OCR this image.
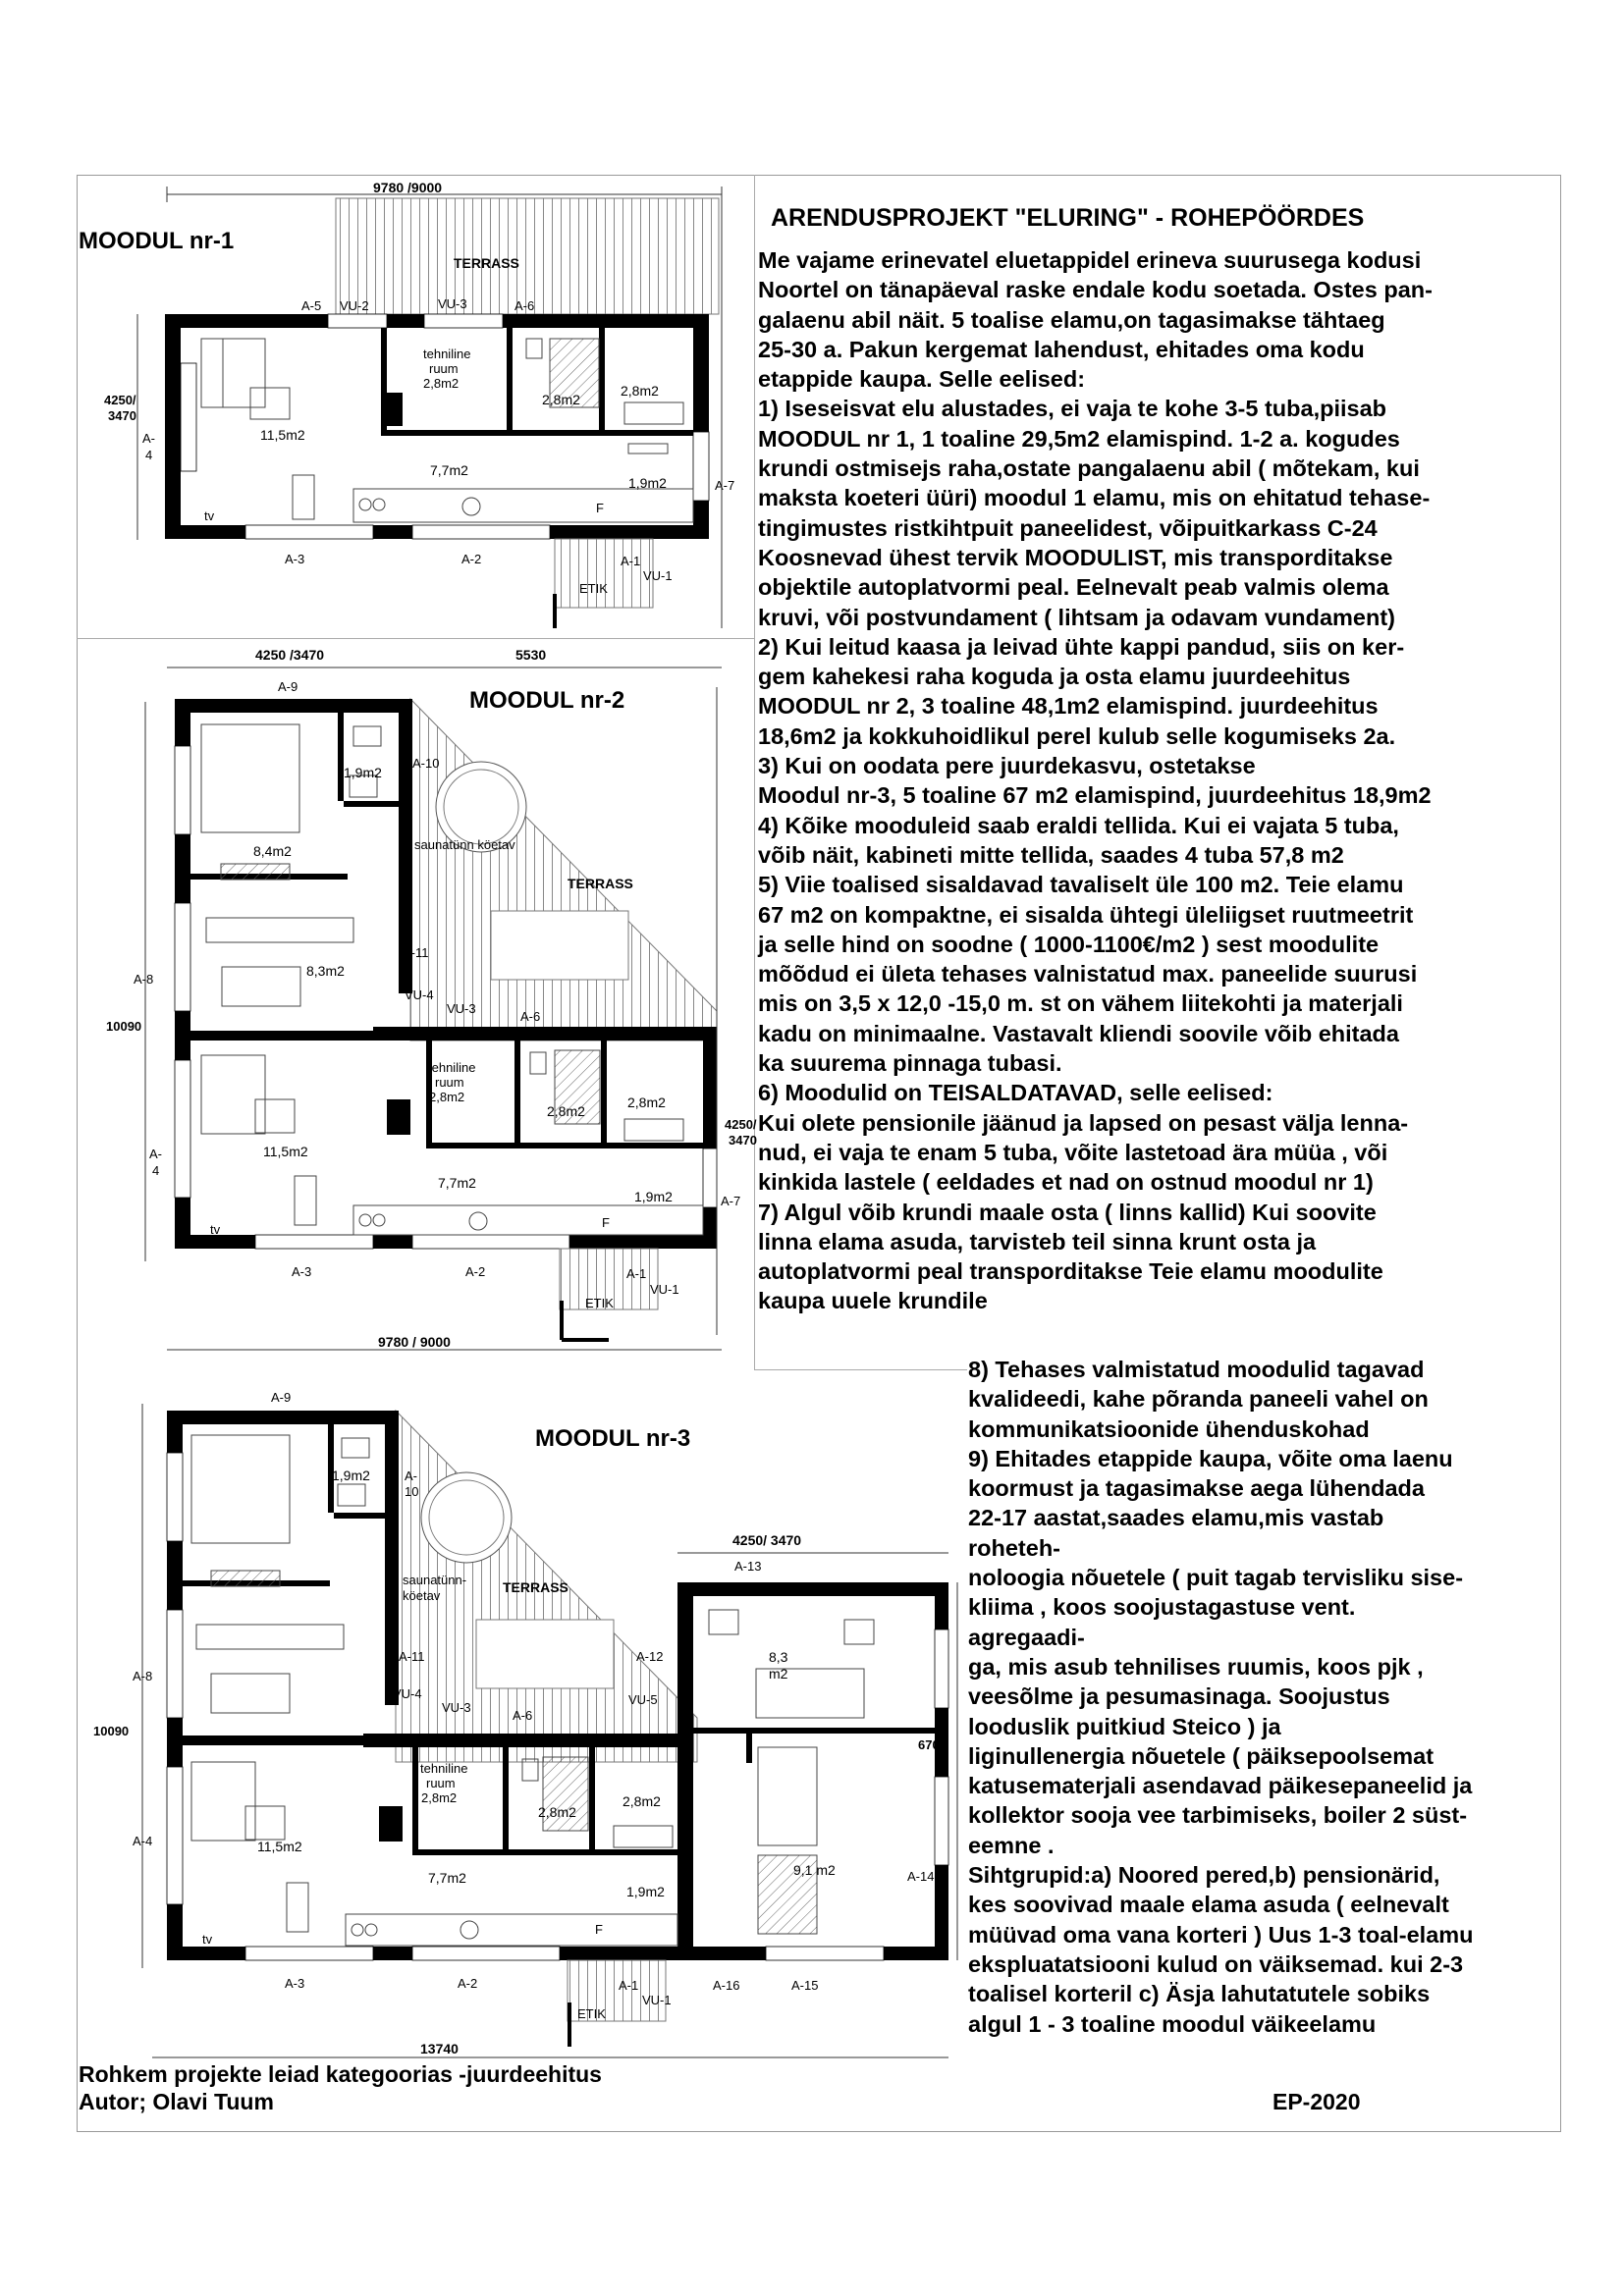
9780 /9000
TERRASS
4250/
3470
11,5m2
7,7m2
tehniline
ruum
2,8m2
2,8m2
2,8m2
1,9m2
tv
F
A-5 VU-2	VU-3	A-6
A-
4
A-7
A-3	A-2	A-1
VU-1
ETIK
4250 /3470	5530
10090
TERRASS
saunatünn köetav
9780 / 9000
4250/
3470
8,4m2
1,9m2
8,3m2
11,5m2
7,7m2
tehniline
ruum
2,8m2
2,8m2
2,8m2
1,9m2
tv	F
A-9
A-10
A-8
A-11
VU-4
VU-3
A-6
A-
4
A-7
A-3	A-2	A-1
VU-1
ETIK
10090
TERRASS
saunatünn-
köetav
4250/ 3470
6700
13740
1,9m2
8,3
m2
9,1 m2
11,5m2
7,7m2
tehniline
ruum
2,8m2
2,8m2
2,8m2
1,9m2
tv
F
A-9
A-
10
A-13
A-8
A-11	A-12
VU-4
VU-3
A-6
VU-5
A-4
A-14
A-3	A-2	A-1
VU-1
A-16	A-15
ETIK
MOODUL nr-1
MOODUL nr-2
MOODUL nr-3
ARENDUSPROJEKT "ELURING" - ROHEPÖÖRDES
Me vajame erinevatel eluetappidel erineva suurusega kodusi
Noortel on tänapäeval raske endale kodu soetada. Ostes pan-
galaenu abil näit. 5 toalise elamu,on tagasimakse tähtaeg
25-30 a. Pakun kergemat lahendust, ehitades oma kodu
etappide kaupa. Selle eelised:
1) Iseseisvat elu alustades, ei vaja te kohe 3-5 tuba,piisab
MOODUL nr 1, 1 toaline 29,5m2 elamispind. 1-2 a. kogudes
krundi ostmiseјs raha,ostate pangalaenu abil ( mõtekam, kui
maksta koeteri üüri) moodul 1 elamu, mis on ehitatud tehase-
tingimustes ristkihtpuit paneelidest, võipuitkarkass C-24
Koosnevad ühest tervik MOODULIST, mis transporditakse
objektile autoplatvormi peal. Eelnevalt peab valmis olema
kruvi, või postvundament ( lihtsam ja odavam vundament)
2) Kui leitud kaasa ja leivad ühte kappi pandud, siis on ker-
gem kahekesi raha koguda ja osta elamu juurdeehitus
MOODUL nr 2, 3 toaline 48,1m2 elamispind. juurdeehitus
18,6m2 ja kokkuhoidlikul perel kulub selle kogumiseks 2a.
3) Kui on oodata pere juurdekasvu, ostetakse
Moodul nr-3, 5 toaline 67 m2 elamispind, juurdeehitus 18,9m2
4) Kõike mooduleid saab eraldi tellida. Kui ei vajata 5 tuba,
võib näit, kabineti mitte tellida, saades 4 tuba 57,8 m2
5) Viie toalised sisaldavad tavaliselt üle 100 m2. Teie elamu
67 m2 on kompaktne, ei sisalda ühtegi üleliigset ruutmeetrit
ja selle hind on soodne ( 1000-1100€/m2 ) sest moodulite
mõõdud ei ületa tehases valnistatud max. paneelide suurusi
mis on 3,5 x 12,0 -15,0 m. st on vähem liitekohti ja materjali
kadu on minimaalne. Vastavalt kliendi soovile võib ehitada
ka suurema pinnaga tubasi.
6) Moodulid on TEISALDATAVAD, selle eelised:
Kui olete pensionile jäänud ja lapsed on pesast välja lenna-
nud, ei vaja te enam 5 tuba, võite lastetoad ära müüa , või
kinkida lastele ( eeldades et nad on ostnud moodul nr 1)
7) Algul võib krundi maale osta ( linns kallid) Kui soovite
linna elama asuda, tarvisteb teil sinna krunt osta ja
autoplatvormi peal transporditakse Teie elamu moodulite
kaupa uuele krundile
8) Tehases valmistatud moodulid tagavad
kvalideedi, kahe põranda paneeli vahel on
kommunikatsioonide ühenduskohad
9) Ehitades etappide kaupa, võite oma laenu
koormust ja tagasimakse aega lühendada
22-17 aastat,saades elamu,mis vastab
roheteh-
noloogia nõuetele ( puit tagab tervisliku sise-
kliima , koos soojustagastuse vent.
agregaadi-
ga, mis asub tehnilises ruumis, koos pjk ,
veesõlme ja pesumasinaga. Soojustus
looduslik puitkiud Steico ) ja
liginullenergia nõuetele ( päiksepoolsemat
katusematerjali asendavad päikesepaneelid ja
kollektor sooja vee tarbimiseks, boiler 2 süst-
eemne .
Sihtgrupid:a) Noored pered,b) pensionärid,
kes soovivad maale elama asuda ( eelnevalt
müüvad oma vana korteri ) Uus 1-3 toal-elamu
ekspluatatsiooni kulud on väiksemad. kui 2-3
toalisel korteril c) Äsja lahutatutele sobiks
algul 1 - 3 toaline moodul väikeelamu
Rohkem projekte leiad kategoorias -juurdeehitus
Autor; Olavi Tuum	EP-2020
